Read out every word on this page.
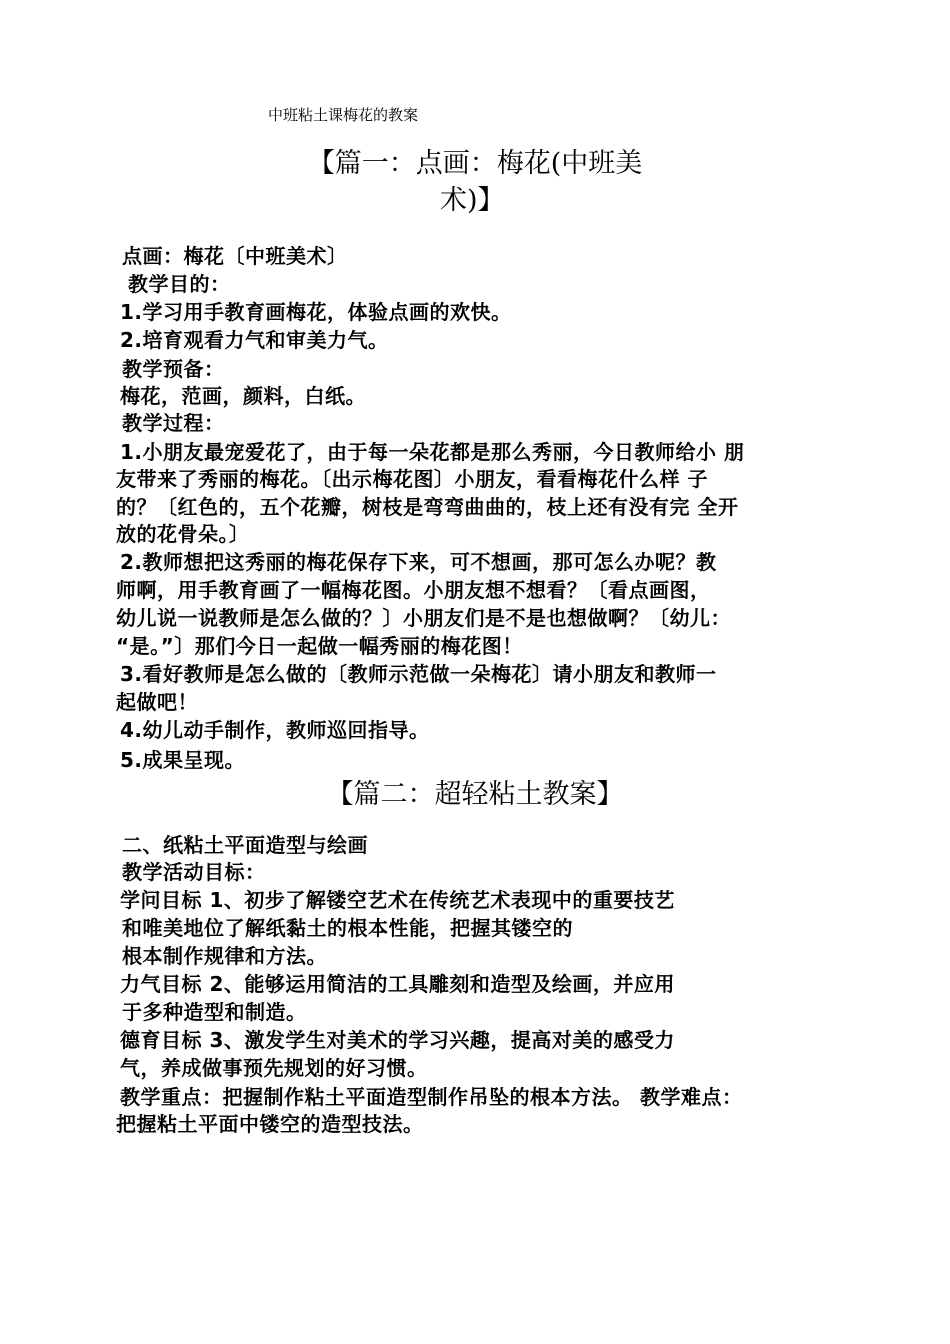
中班粘土课梅花的教案
【篇一：点画：梅花(中班美
术)】
点画：梅花〔中班美术〕
教学目的：
1.学习用手教育画梅花，体验点画的欢快。
2.培育观看力气和审美力气。
教学预备：
梅花，范画，颜料，白纸。
教学过程：
1.小朋友最宠爱花了，由于每一朵花都是那么秀丽，今日教师给小 朋
友带来了秀丽的梅花。〔出示梅花图〕小朋友，看看梅花什么样 子
的？〔红色的，五个花瓣，树枝是弯弯曲曲的，枝上还有没有完 全开
放的花骨朵。〕
2.教师想把这秀丽的梅花保存下来，可不想画，那可怎么办呢？教
师啊，用手教育画了一幅梅花图。小朋友想不想看？〔看点画图，
幼儿说一说教师是怎么做的？〕小朋友们是不是也想做啊？〔幼儿：
“是。”〕那们今日一起做一幅秀丽的梅花图！
3.看好教师是怎么做的〔教师示范做一朵梅花〕请小朋友和教师一
起做吧！
4.幼儿动手制作，教师巡回指导。
5.成果呈现。
【篇二：超轻粘土教案】
二、纸粘土平面造型与绘画
教学活动目标：
学问目标 1、初步了解镂空艺术在传统艺术表现中的重要技艺
和唯美地位了解纸黏土的根本性能，把握其镂空的
根本制作规律和方法。
力气目标 2、能够运用简洁的工具雕刻和造型及绘画，并应用
于多种造型和制造。
德育目标 3、激发学生对美术的学习兴趣，提高对美的感受力
气，养成做事预先规划的好习惯。
教学重点：把握制作粘土平面造型制作吊坠的根本方法。 教学难点：
把握粘土平面中镂空的造型技法。
